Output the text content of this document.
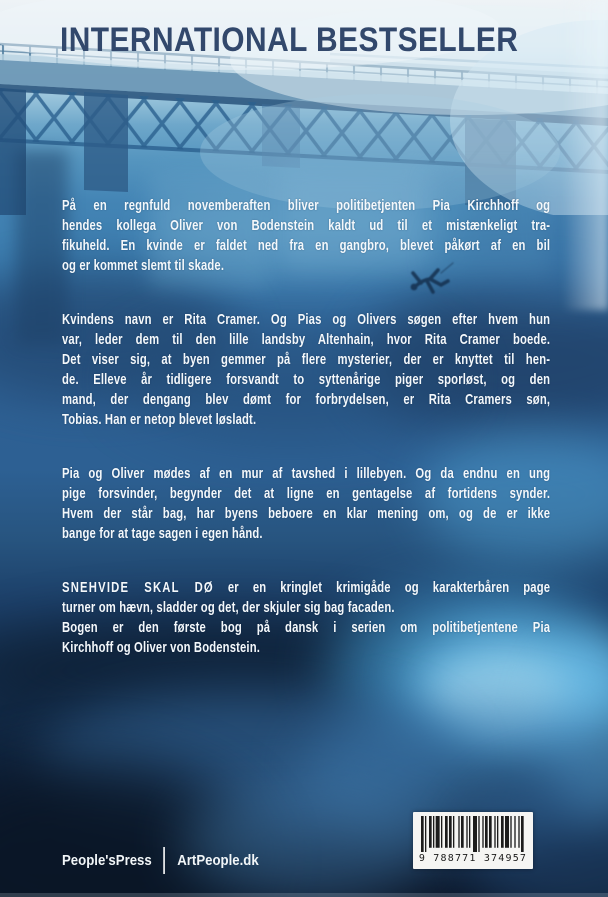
INTERNATIONAL BESTSELLER
På en regnfuld novemberaften bliver politibetjenten Pia Kirchhoff og
hendes kollega Oliver von Bodenstein kaldt ud til et mistænkeligt tra-
fikuheld. En kvinde er faldet ned fra en gangbro, blevet påkørt af en bil
og er kommet slemt til skade.
Kvindens navn er Rita Cramer. Og Pias og Olivers søgen efter hvem hun
var, leder dem til den lille landsby Altenhain, hvor Rita Cramer boede.
Det viser sig, at byen gemmer på flere mysterier, der er knyttet til hen-
de. Elleve år tidligere forsvandt to syttenårige piger sporløst, og den
mand, der dengang blev dømt for forbrydelsen, er Rita Cramers søn,
Tobias. Han er netop blevet løsladt.
Pia og Oliver mødes af en mur af tavshed i lillebyen. Og da endnu en ung
pige forsvinder, begynder det at ligne en gentagelse af fortidens synder.
Hvem der står bag, har byens beboere en klar mening om, og de er ikke
bange for at tage sagen i egen hånd.
SNEHVIDE SKAL DØ er en kringlet krimigåde og karakterbåren page
turner om hævn, sladder og det, der skjuler sig bag facaden.
Bogen er den første bog på dansk i serien om politibetjentene Pia
Kirchhoff og Oliver von Bodenstein.
People'sPress ArtPeople.dk	9 788771 374957
